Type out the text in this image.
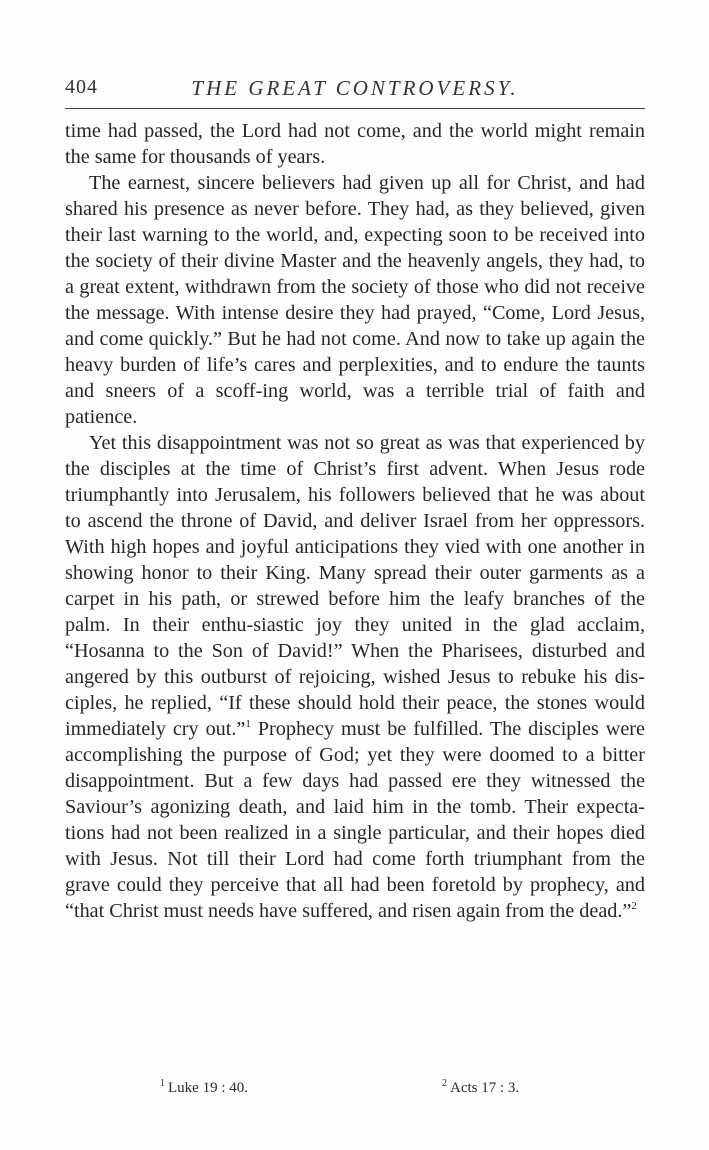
404	THE GREAT CONTROVERSY.

time had passed, the Lord had not come, and the world might remain the same for thousands of years.

The earnest, sincere believers had given up all for Christ, and had shared his presence as never before. They had, as they believed, given their last warning to the world, and, expecting soon to be received into the society of their divine Master and the heavenly angels, they had, to a great extent, withdrawn from the society of those who did not receive the message. With intense desire they had prayed, “Come, Lord Jesus, and come quickly.” But he had not come. And now to take up again the heavy burden of life’s cares and perplexities, and to endure the taunts and sneers of a scoff-ing world, was a terrible trial of faith and patience.

Yet this disappointment was not so great as was that experienced by the disciples at the time of Christ’s first advent. When Jesus rode triumphantly into Jerusalem, his followers believed that he was about to ascend the throne of David, and deliver Israel from her oppressors. With high hopes and joyful anticipations they vied with one another in showing honor to their King. Many spread their outer garments as a carpet in his path, or strewed before him the leafy branches of the palm. In their enthu-siastic joy they united in the glad acclaim, “Hosanna to the Son of David!” When the Pharisees, disturbed and angered by this outburst of rejoicing, wished Jesus to rebuke his dis-ciples, he replied, “If these should hold their peace, the stones would immediately cry out.”$^1$ Prophecy must be fulfilled. The disciples were accomplishing the purpose of God; yet they were doomed to a bitter disappointment. But a few days had passed ere they witnessed the Saviour’s agonizing death, and laid him in the tomb. Their expecta-tions had not been realized in a single particular, and their hopes died with Jesus. Not till their Lord had come forth triumphant from the grave could they perceive that all had been foretold by prophecy, and “that Christ must needs have suffered, and risen again from the dead.”$^2$

$^1$ Luke 19 : 40.	$^2$ Acts 17 : 3.
